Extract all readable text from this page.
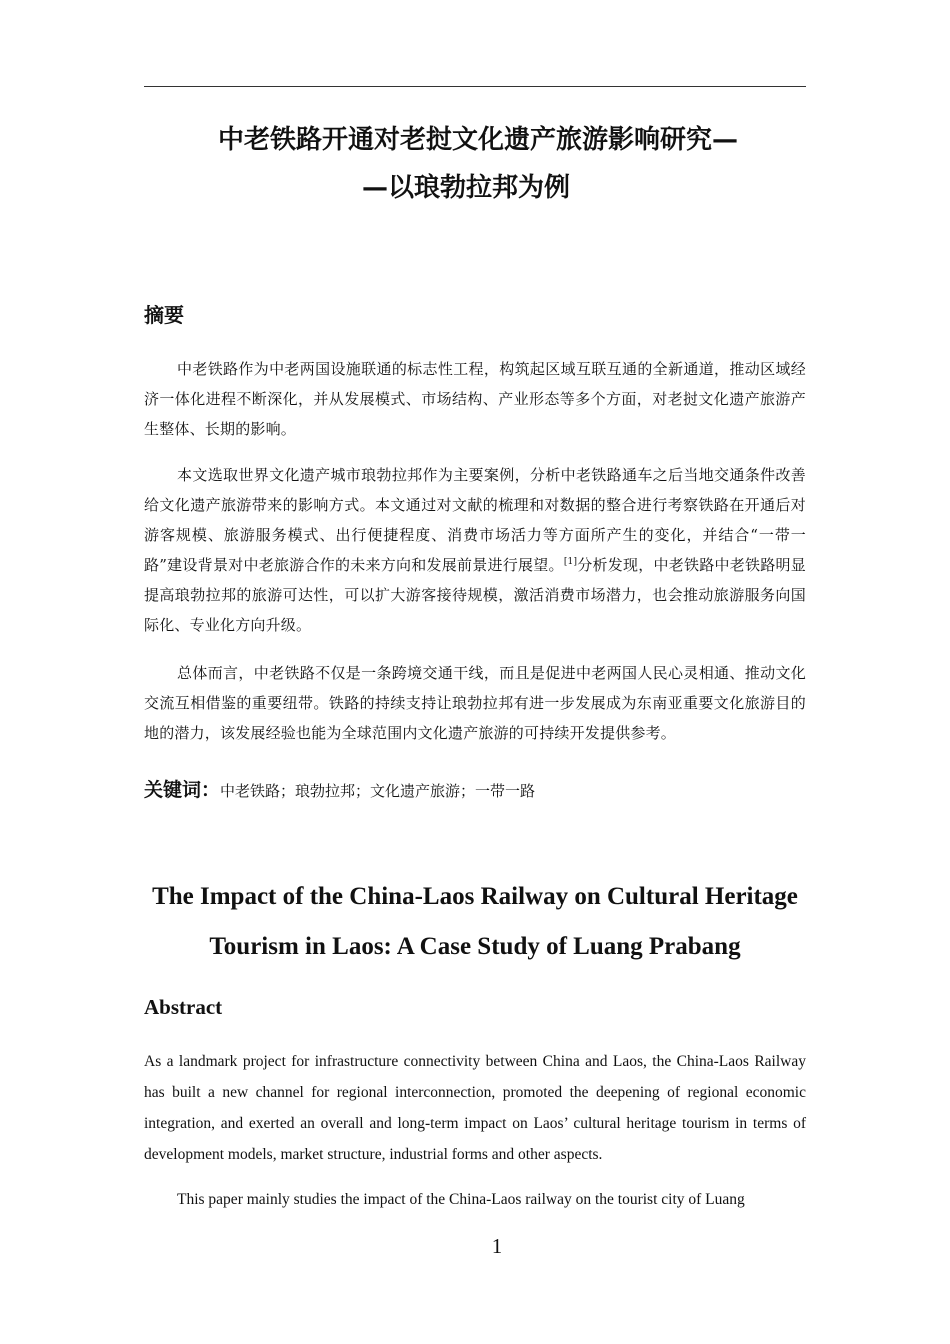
中老铁路开通对老挝文化遗产旅游影响研究—
—以琅勃拉邦为例
摘要

中老铁路作为中老两国设施联通的标志性工程，构筑起区域互联互通的全新通道，推动区域经济一体化进程不断深化，并从发展模式、市场结构、产业形态等多个方面，对老挝文化遗产旅游产生整体、长期的影响。

本文选取世界文化遗产城市琅勃拉邦作为主要案例，分析中老铁路通车之后当地交通条件改善给文化遗产旅游带来的影响方式。本文通过对文献的梳理和对数据的整合进行考察铁路在开通后对游客规模、旅游服务模式、出行便捷程度、消费市场活力等方面所产生的变化，并结合“一带一路”建设背景对中老旅游合作的未来方向和发展前景进行展望。[1]分析发现，中老铁路中老铁路明显提高琅勃拉邦的旅游可达性，可以扩大游客接待规模，激活消费市场潜力，也会推动旅游服务向国际化、专业化方向升级。

总体而言，中老铁路不仅是一条跨境交通干线，而且是促进中老两国人民心灵相通、推动文化交流互相借鉴的重要纽带。铁路的持续支持让琅勃拉邦有进一步发展成为东南亚重要文化旅游目的地的潜力，该发展经验也能为全球范围内文化遗产旅游的可持续开发提供参考。

关键词：中老铁路；琅勃拉邦；文化遗产旅游；一带一路
The Impact of the China-Laos Railway on Cultural Heritage
Tourism in Laos: A Case Study of Luang Prabang
Abstract

As a landmark project for infrastructure connectivity between China and Laos, the China-Laos Railway has built a new channel for regional interconnection, promoted the deepening of regional economic integration, and exerted an overall and long-term impact on Laos’ cultural heritage tourism in terms of development models, market structure, industrial forms and other aspects.

This paper mainly studies the impact of the China-Laos railway on the tourist city of Luang

1
